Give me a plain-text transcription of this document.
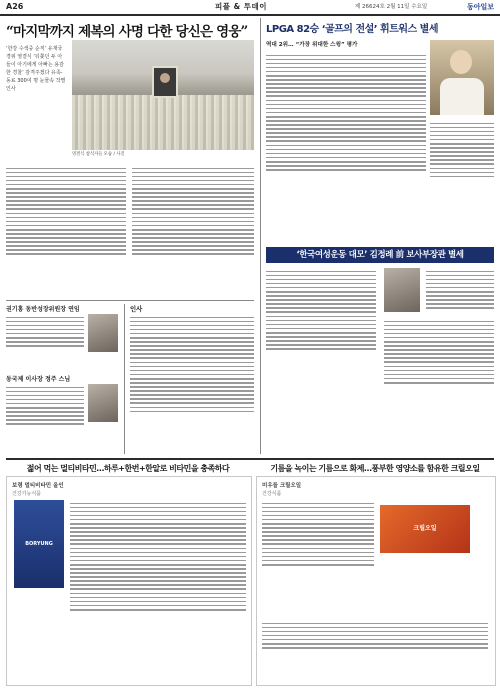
A26	피플 & 투데이	제 26624호 2월 11일 수요일	동아일보
“마지막까지 제복의 사명 다한 당신은 영웅”
‘한강 수색중 순직’ 유재국 경위 영결식 ‘뒤쫓던 두 아들이 아기에게 아빠는 용감한 경찰’ 감격주겠다 유족-동료 300여 명 눈물속 작별인사
영결식 참석자들 모습 / 사진
권기홍 동반성장위원장 연임
동국제 이사장 정주 스님
인사
LPGA 82승 ‘골프의 전설’ 휘트워스 별세
역대 2위… “가장 위대한 스윙” 평가
‘한국여성운동 대모’ 김정례 前 보사부장관 별세
젊어 먹는 멀티비타민…하루+한번+한알로 비타민을 충족하다	기름을 녹이는 기름으로 화제…풍부한 영양소를 함유한 크릴오일
보령 멀티비타민 올인
건강기능식품
BORYUNG
미우들 크릴오일
건강식품
크릴오일
